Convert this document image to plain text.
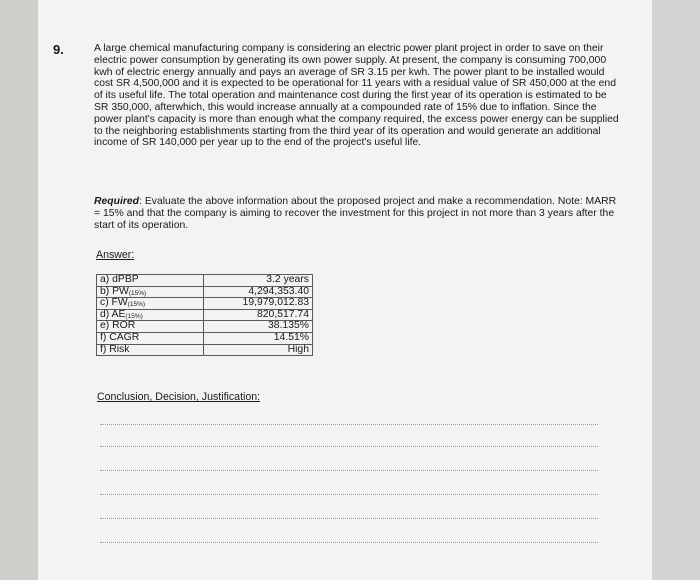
9.	A large chemical manufacturing company is considering an electric power plant project in order to save on their electric power consumption by generating its own power supply. At present, the company is consuming 700,000 kwh of electric energy annually and pays an average of SR 3.15 per kwh. The power plant to be installed would cost SR 4,500,000 and it is expected to be operational for 11 years with a residual value of SR 450,000 at the end of its useful life. The total operation and maintenance cost during the first year of its operation is estimated to be SR 350,000, afterwhich, this would increase annually at a compounded rate of 15% due to inflation. Since the power plant's capacity is more than enough what the company required, the excess power energy can be supplied to the neighboring establishments starting from the third year of its operation and would generate an additional income of SR 140,000 per year up to the end of the project's useful life.

Required: Evaluate the above information about the proposed project and make a recommendation. Note: MARR = 15% and that the company is aiming to recover the investment for this project in not more than 3 years after the start of its operation.

Answer:
a) dPBP	3.2 years
b) $PW_{(15\%)}$	4,294,353.40
c) $FW_{(15\%)}$	19,979,012.83
d) $AE_{(15\%)}$	820,517.74
e) ROR	38.135%
f) CAGR	14.51%
f) Risk	High
Conclusion, Decision, Justification:
